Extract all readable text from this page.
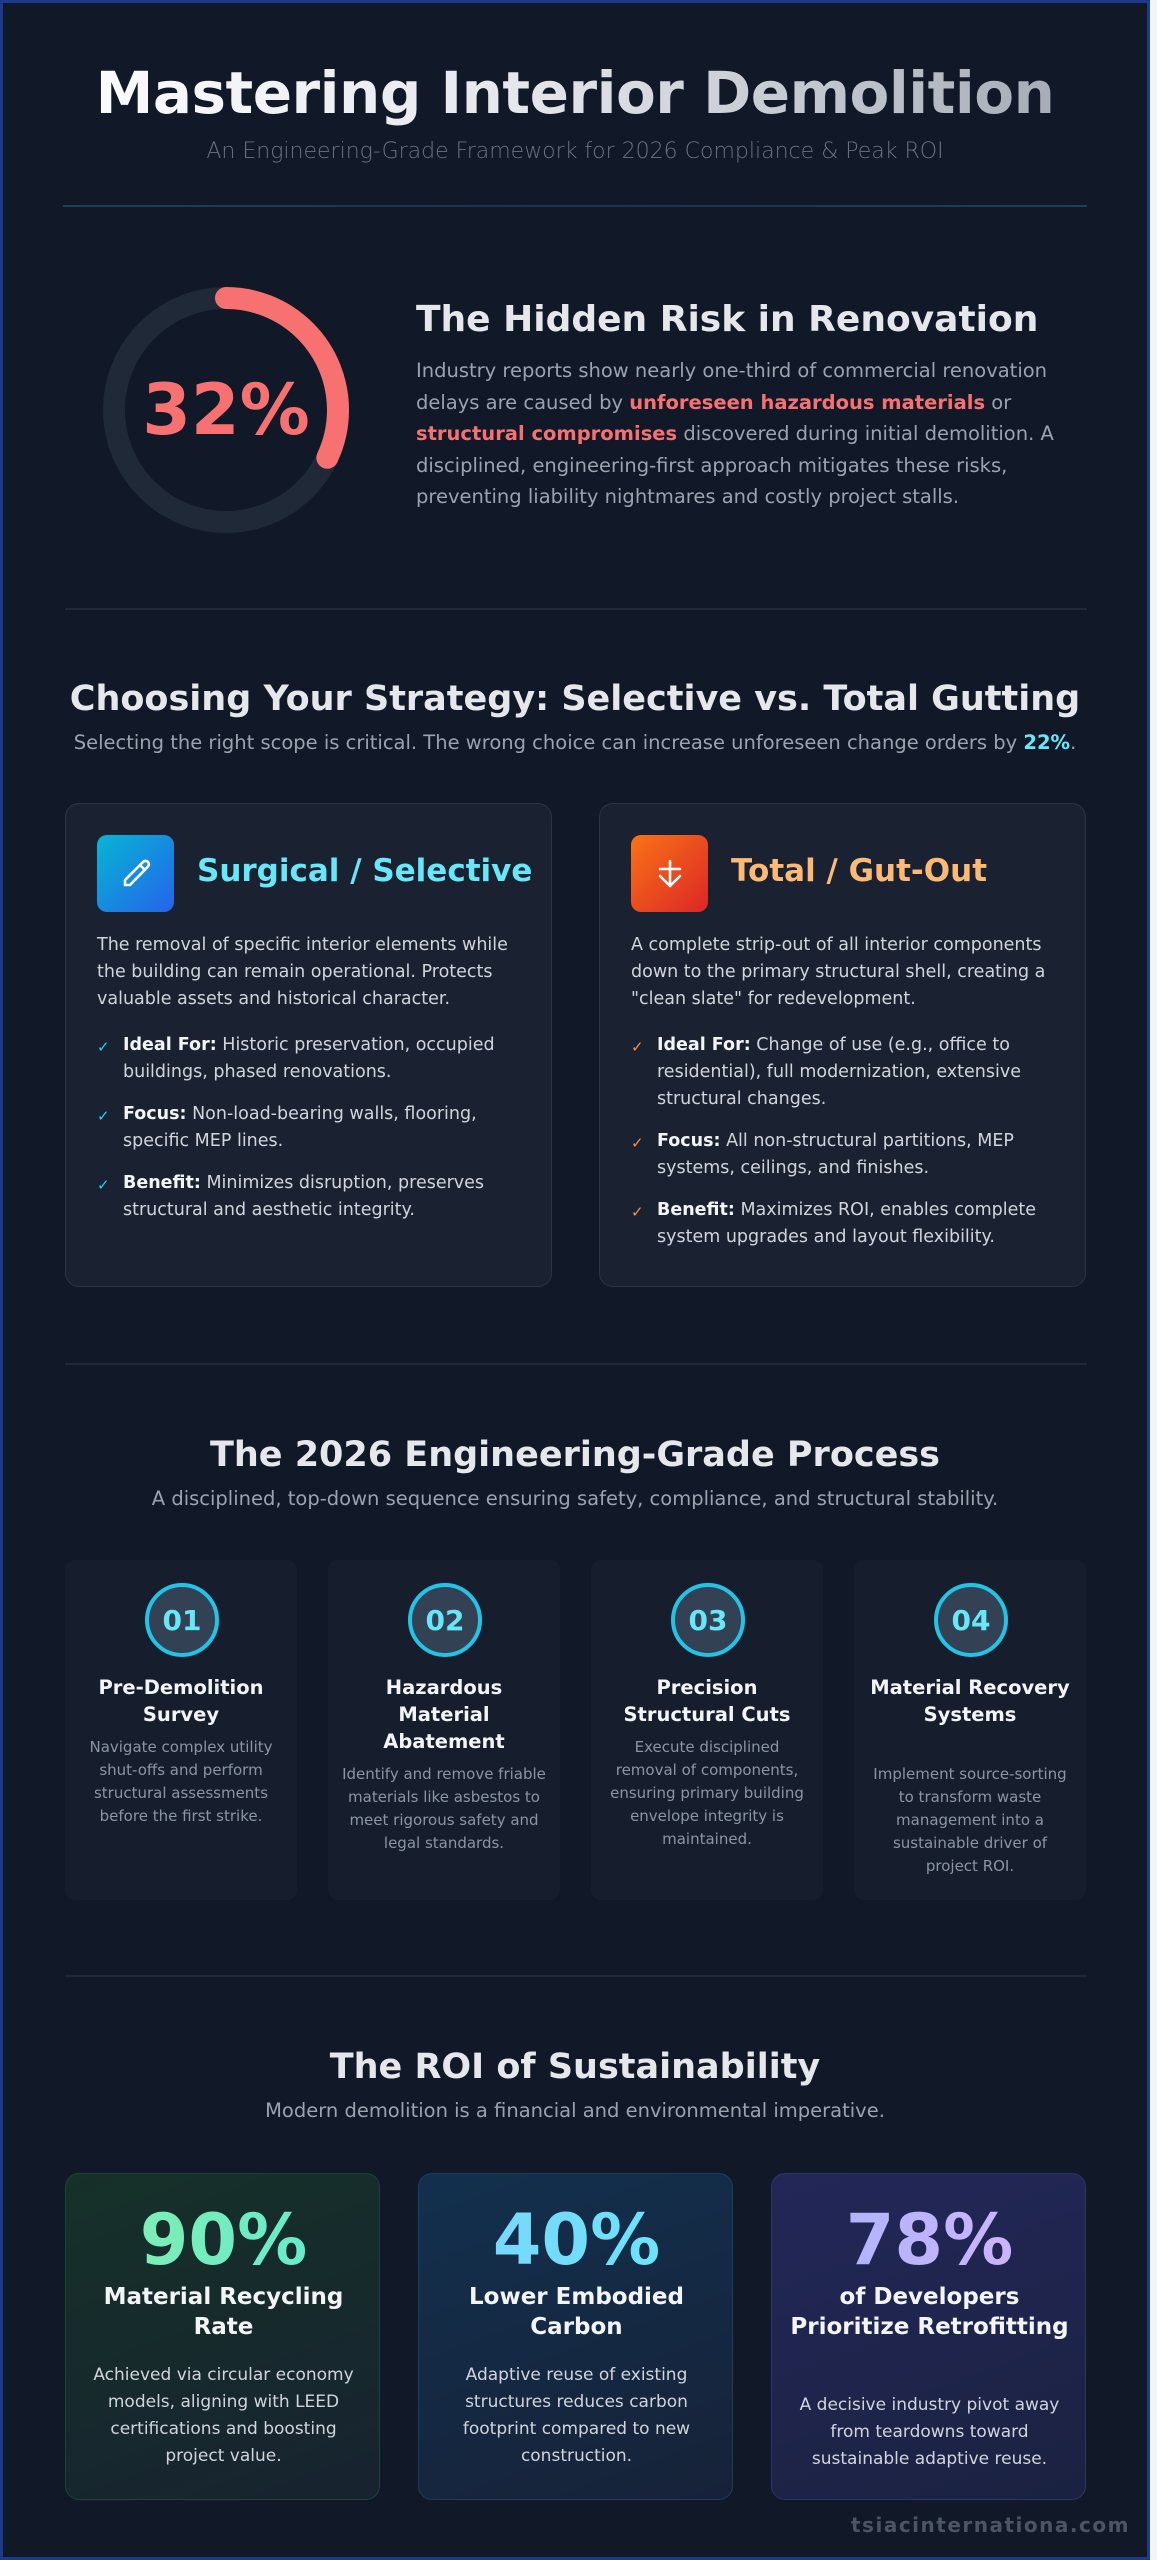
Mastering Interior Demolition

An Engineering-Grade Framework for 2026 Compliance & Peak ROI

32%
The Hidden Risk in Renovation

Industry reports show nearly one-third of commercial renovation delays are caused by unforeseen hazardous materials or structural compromises discovered during initial demolition. A disciplined, engineering-first approach mitigates these risks, preventing liability nightmares and costly project stalls.

Choosing Your Strategy: Selective vs. Total Gutting

Selecting the right scope is critical. The wrong choice can increase unforeseen change orders by 22%.

Surgical / Selective

The removal of specific interior elements while the building can remain operational. Protects valuable assets and historical character.

✓ Ideal For: Historic preservation, occupied buildings, phased renovations.
✓ Focus: Non-load-bearing walls, flooring, specific MEP lines.
✓ Benefit: Minimizes disruption, preserves structural and aesthetic integrity.
Total / Gut-Out

A complete strip-out of all interior components down to the primary structural shell, creating a "clean slate" for redevelopment.

✓ Ideal For: Change of use (e.g., office to residential), full modernization, extensive structural changes.
✓ Focus: All non-structural partitions, MEP systems, ceilings, and finishes.
✓ Benefit: Maximizes ROI, enables complete system upgrades and layout flexibility.
The 2026 Engineering-Grade Process

A disciplined, top-down sequence ensuring safety, compliance, and structural stability.

01
Pre-Demolition Survey
Navigate complex utility shut-offs and perform structural assessments before the first strike.
02
Hazardous Material Abatement
Identify and remove friable materials like asbestos to meet rigorous safety and legal standards.
03
Precision Structural Cuts
Execute disciplined removal of components, ensuring primary building envelope integrity is maintained.
04
Material Recovery Systems
Implement source-sorting to transform waste management into a sustainable driver of project ROI.
The ROI of Sustainability

Modern demolition is a financial and environmental imperative.

90%
Material Recycling Rate
Achieved via circular economy models, aligning with LEED certifications and boosting project value.
40%
Lower Embodied Carbon
Adaptive reuse of existing structures reduces carbon footprint compared to new construction.
78%
of Developers Prioritize Retrofitting
A decisive industry pivot away from teardowns toward sustainable adaptive reuse.
tsiacinternationa.com
